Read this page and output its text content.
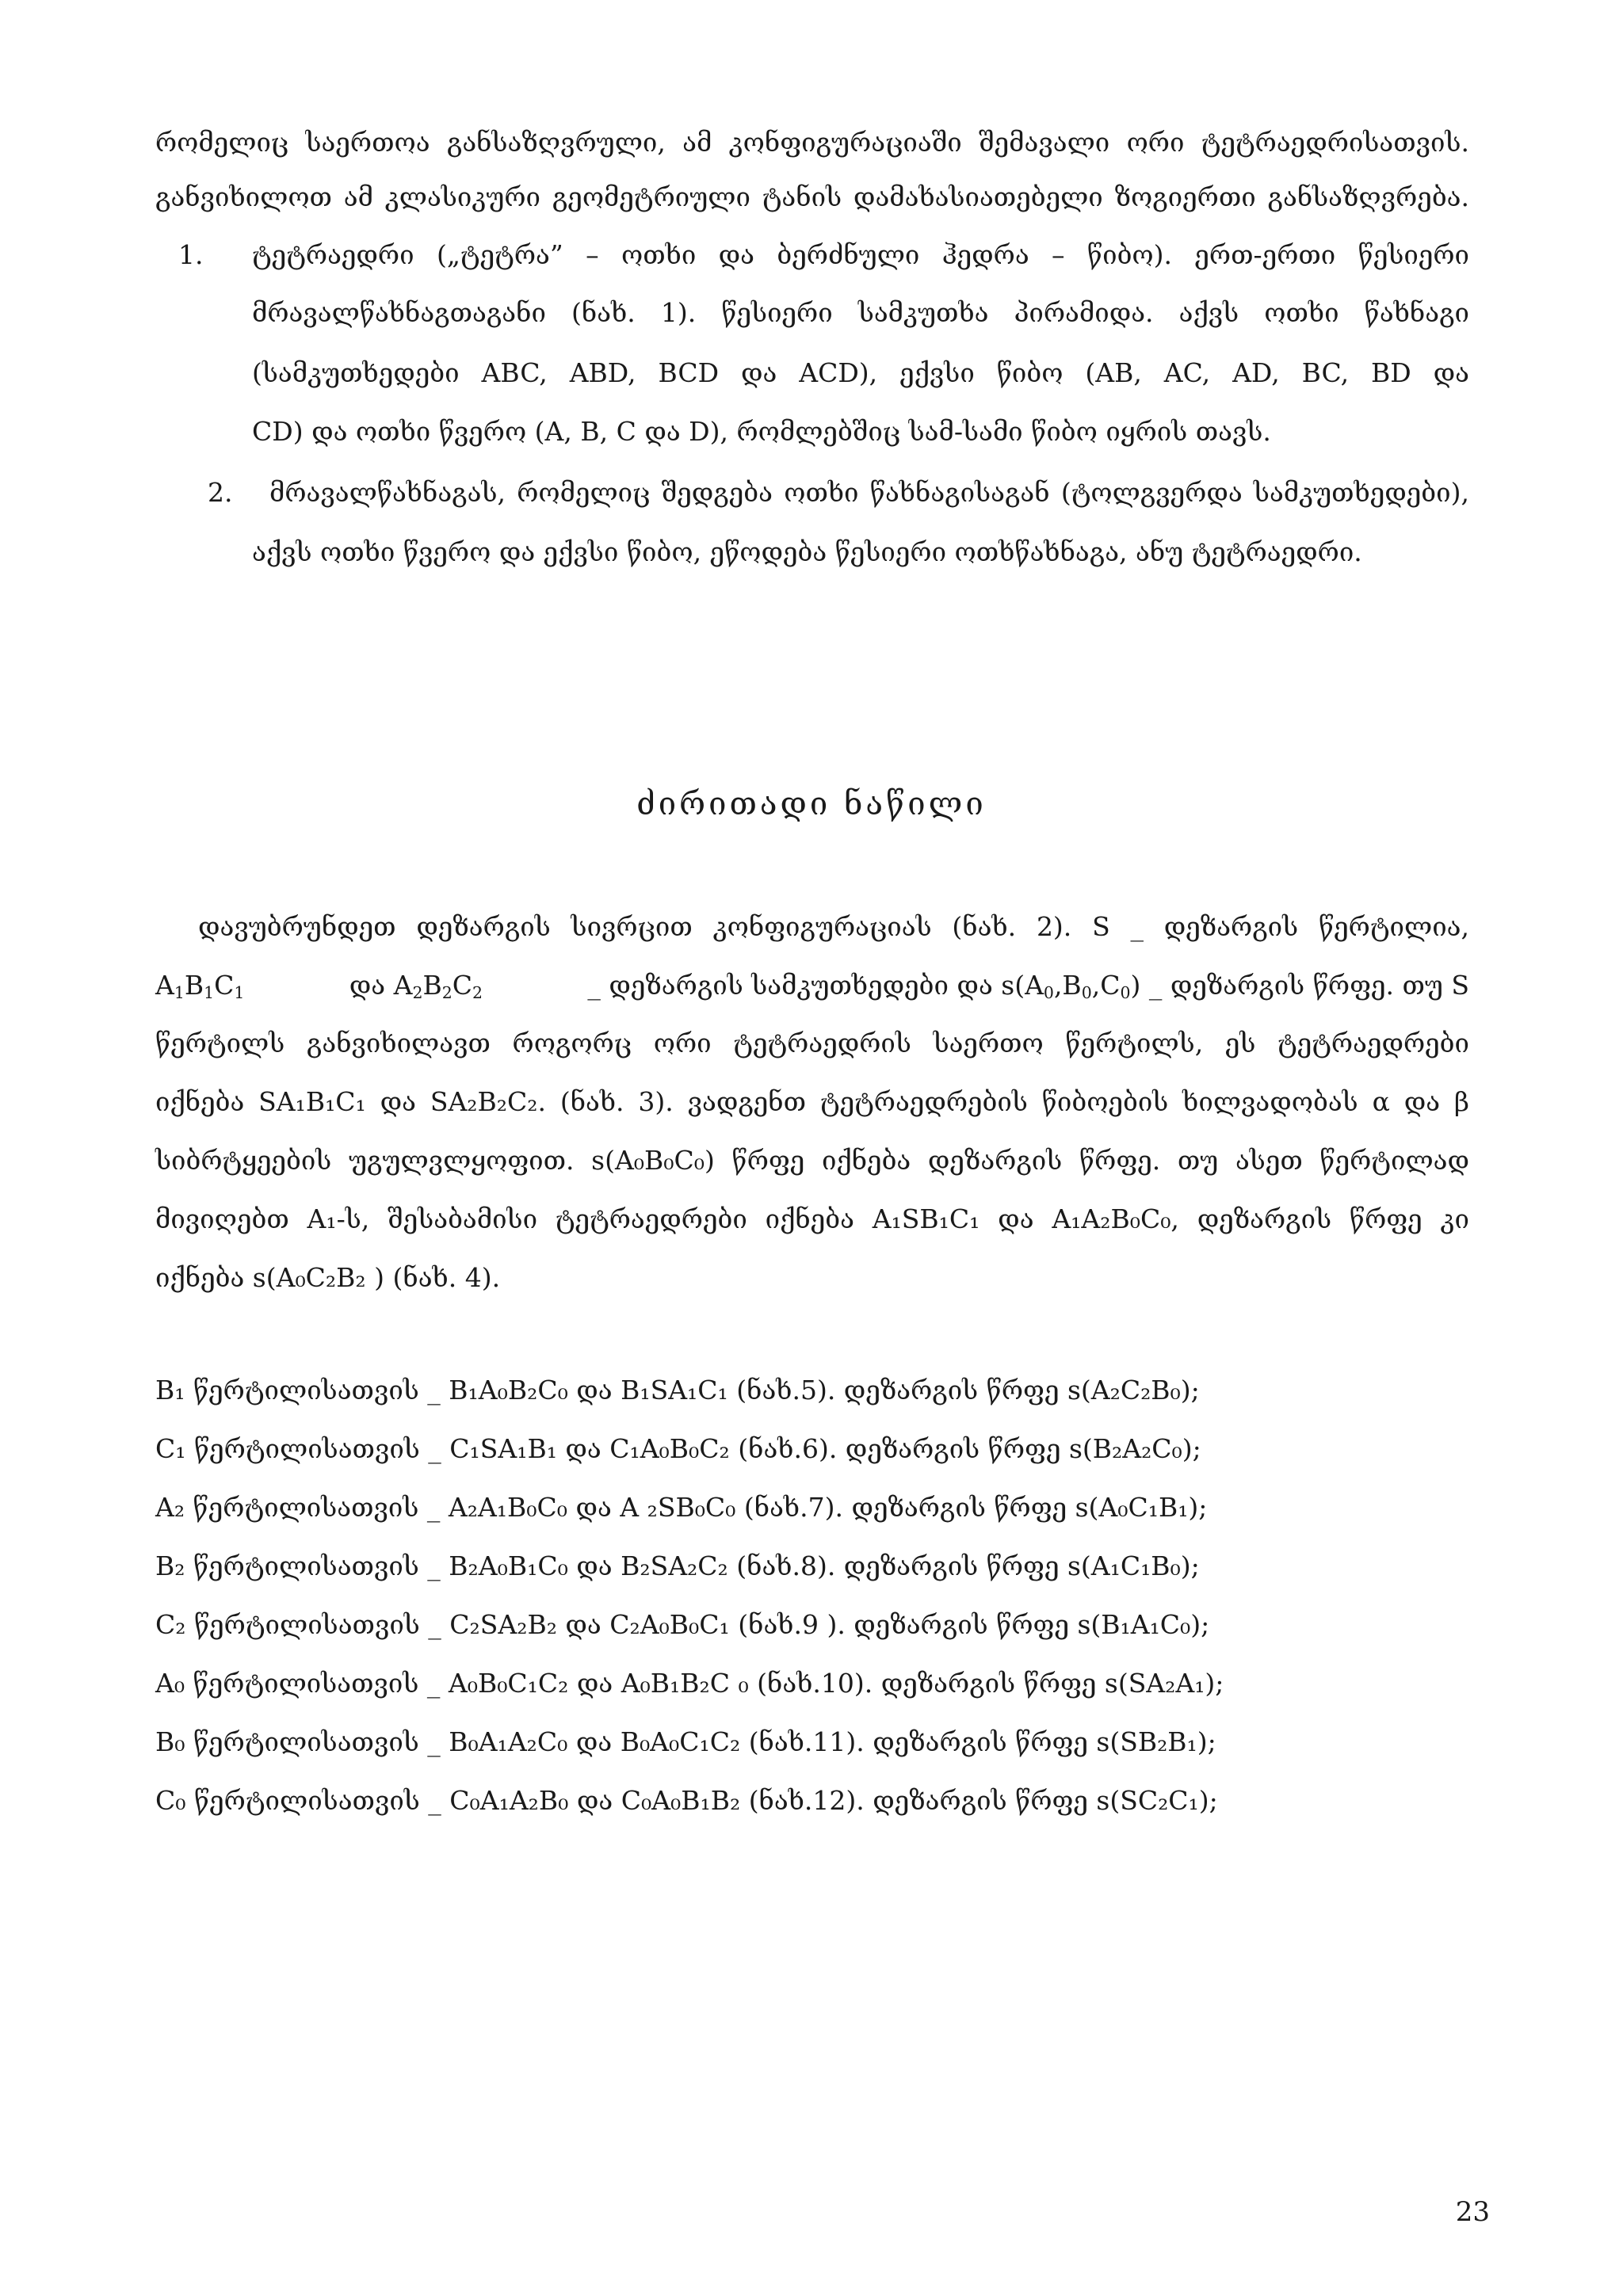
რომელიც საერთოა განსაზღვრული, ამ კონფიგურაციაში შემავალი ორი ტეტრაედრისათვის.
განვიხილოთ ამ კლასიკური გეომეტრიული ტანის დამახასიათებელი ზოგიერთი განსაზღვრება.
1. ტეტრაედრი („ტეტრა” – ოთხი და ბერძნული ჰედრა – წიბო). ერთ-ერთი წესიერი
მრავალწახნაგთაგანი (ნახ. 1). წესიერი სამკუთხა პირამიდა. აქვს ოთხი წახნაგი
(სამკუთხედები ABC, ABD, BCD და ACD), ექვსი წიბო (AB, AC, AD, BC, BD და
CD) და ოთხი წვერო (A, B, C და D), რომლებშიც სამ-სამი წიბო იყრის თავს.
2. მრავალწახნაგას, რომელიც შედგება ოთხი წახნაგისაგან (ტოლგვერდა სამკუთხედები),
აქვს ოთხი წვერო და ექვსი წიბო, ეწოდება წესიერი ოთხწახნაგა, ანუ ტეტრაედრი.
ძირითადი ნაწილი
დავუბრუნდეთ დეზარგის სივრცით კონფიგურაციას (ნახ. 2). S _ დეზარგის წერტილია,
$A_1B_1C_1$	და $A_2B_2C_2$	_ დეზარგის სამკუთხედები და $s(A_0,B_0,C_0)$ _ დეზარგის წრფე. თუ S
წერტილს განვიხილავთ როგორც ორი ტეტრაედრის საერთო წერტილს, ეს ტეტრაედრები
იქნება SA₁B₁C₁ და SA₂B₂C₂. (ნახ. 3). ვადგენთ ტეტრაედრების წიბოების ხილვადობას α და β
სიბრტყეების უგულვლყოფით. s(A₀B₀C₀) წრფე იქნება დეზარგის წრფე. თუ ასეთ წერტილად
მივიღებთ A₁-ს, შესაბამისი ტეტრაედრები იქნება A₁SB₁C₁ და A₁A₂B₀C₀, დეზარგის წრფე კი
იქნება s(A₀C₂B₂ ) (ნახ. 4).
B₁ წერტილისათვის _ B₁A₀B₂C₀ და B₁SA₁C₁ (ნახ.5). დეზარგის წრფე s(A₂C₂B₀);
C₁ წერტილისათვის _ C₁SA₁B₁ და C₁A₀B₀C₂ (ნახ.6). დეზარგის წრფე s(B₂A₂C₀);
A₂ წერტილისათვის _ A₂A₁B₀C₀ და A ₂SB₀C₀ (ნახ.7). დეზარგის წრფე s(A₀C₁B₁);
B₂ წერტილისათვის _ B₂A₀B₁C₀ და B₂SA₂C₂ (ნახ.8). დეზარგის წრფე s(A₁C₁B₀);
C₂ წერტილისათვის _ C₂SA₂B₂ და C₂A₀B₀C₁ (ნახ.9 ). დეზარგის წრფე s(B₁A₁C₀);
A₀ წერტილისათვის _ A₀B₀C₁C₂ და A₀B₁B₂C ₀ (ნახ.10). დეზარგის წრფე s(SA₂A₁);
B₀ წერტილისათვის _ B₀A₁A₂C₀ და B₀A₀C₁C₂ (ნახ.11). დეზარგის წრფე s(SB₂B₁);
C₀ წერტილისათვის _ C₀A₁A₂B₀ და C₀A₀B₁B₂ (ნახ.12). დეზარგის წრფე s(SC₂C₁);
23
